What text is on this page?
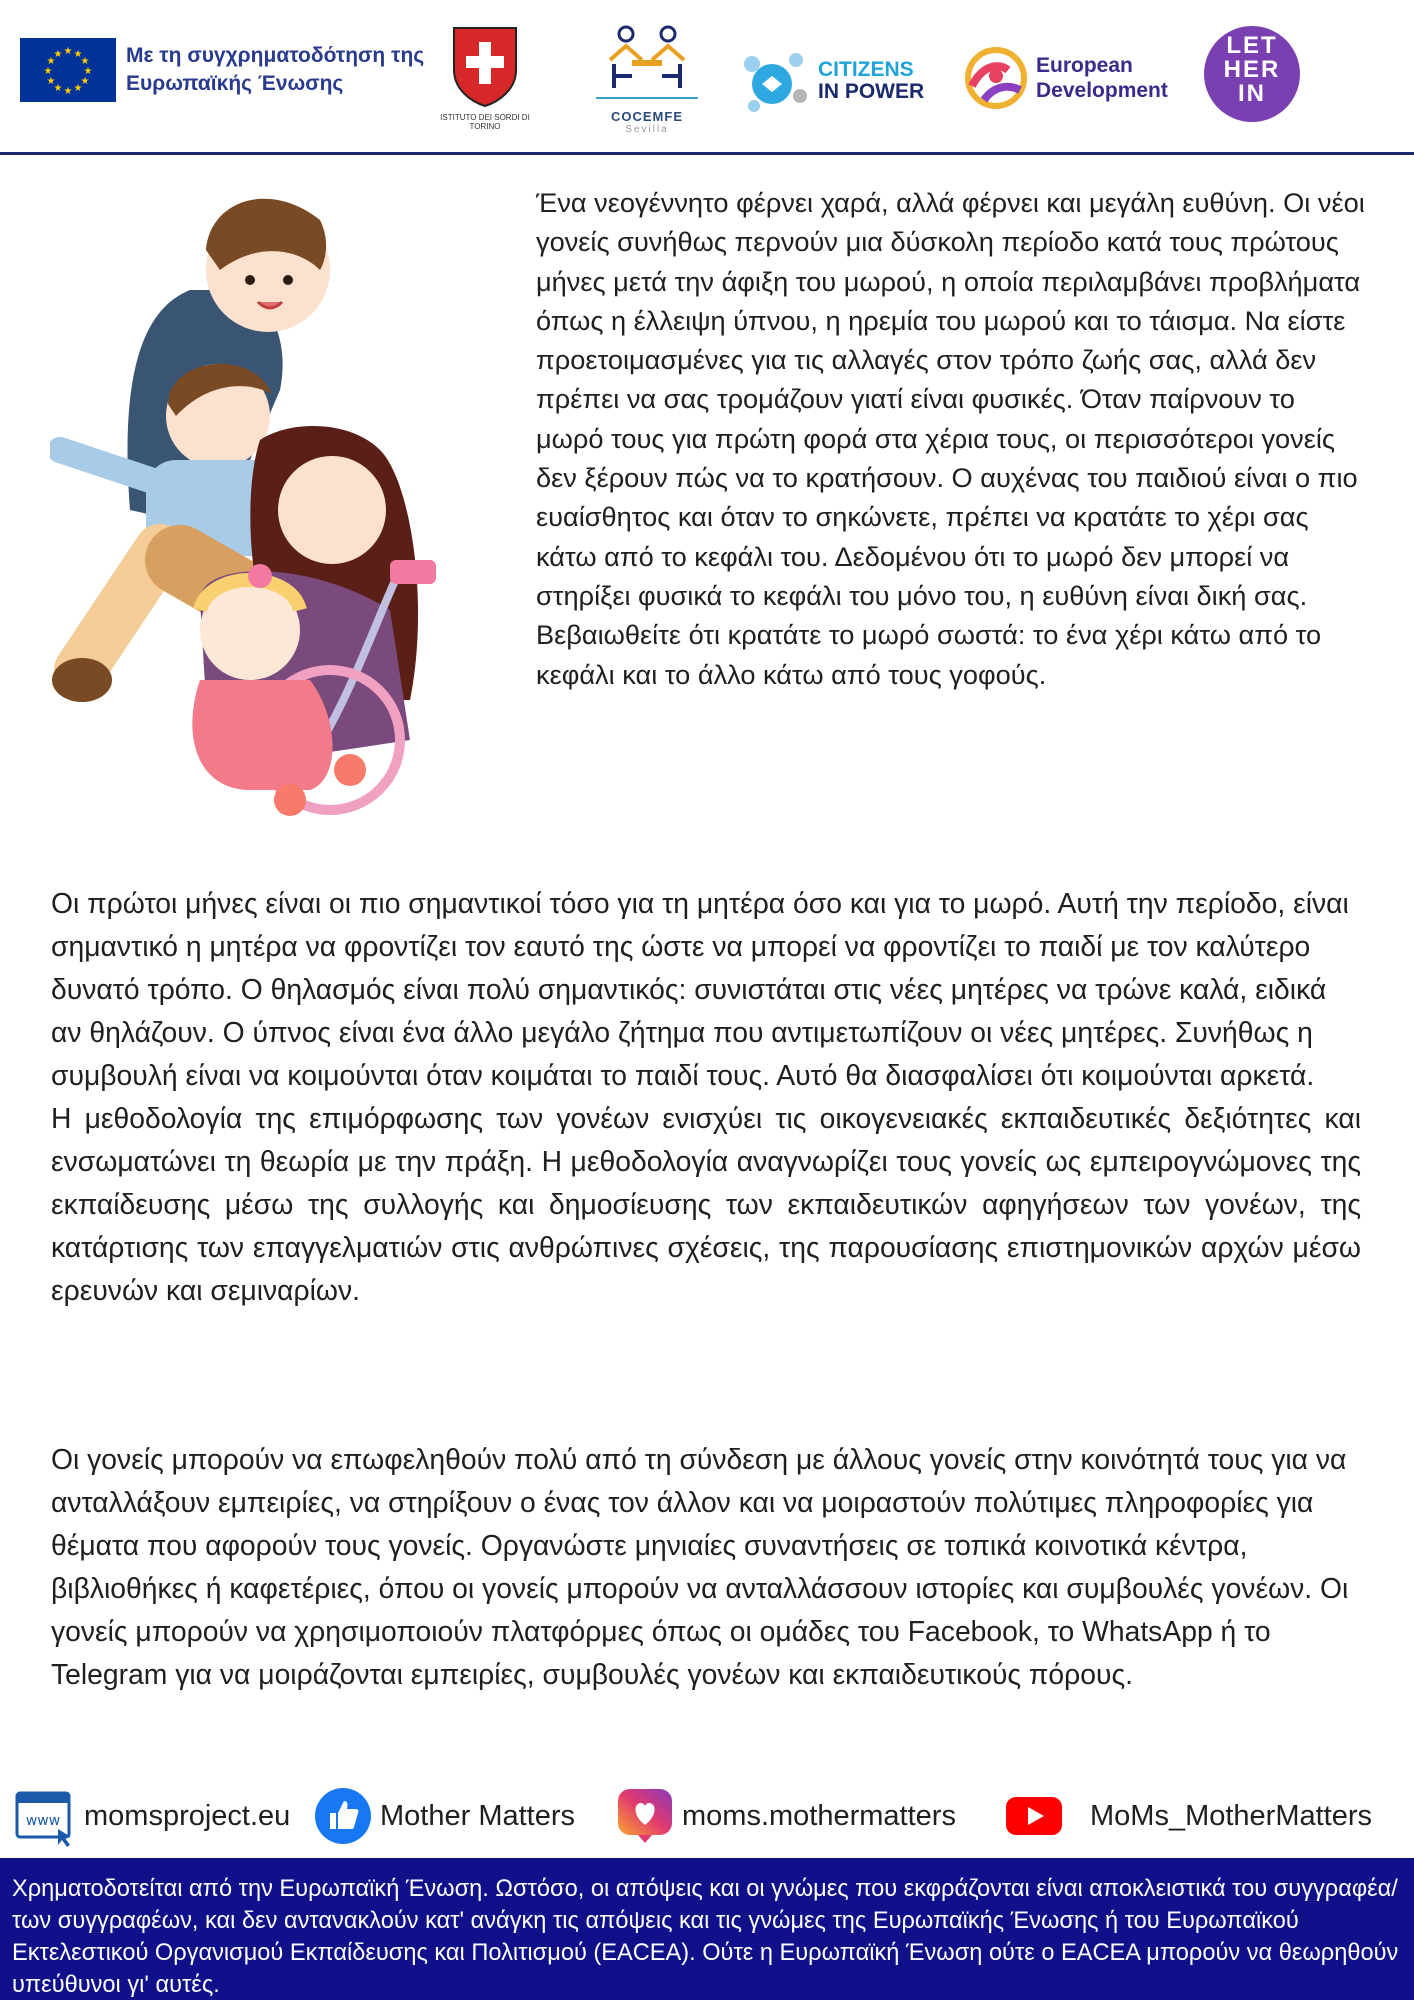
★ ★
★
★
★
★
★
★
★
★
★
★	Με τη συγχρηματοδότηση της Ευρωπαϊκής Ένωσης
ISTITUTO DEI SORDI DI TORINO
COCEMFE
Sevilla
CITIZENS
IN POWER
European
Development
LET
HER
IN

Ένα νεογέννητο φέρνει χαρά, αλλά φέρνει και μεγάλη ευθύνη. Οι νέοι γονείς συνήθως περνούν μια δύσκολη περίοδο κατά τους πρώτους μήνες μετά την άφιξη του μωρού, η οποία περιλαμβάνει προβλήματα όπως η έλλειψη ύπνου, η ηρεμία του μωρού και το τάισμα. Να είστε προετοιμασμένες για τις αλλαγές στον τρόπο ζωής σας, αλλά δεν πρέπει να σας τρομάζουν γιατί είναι φυσικές. Όταν παίρνουν το μωρό τους για πρώτη φορά στα χέρια τους, οι περισσότεροι γονείς δεν ξέρουν πώς να το κρατήσουν. Ο αυχένας του παιδιού είναι ο πιο ευαίσθητος και όταν το σηκώνετε, πρέπει να κρατάτε το χέρι σας κάτω από το κεφάλι του. Δεδομένου ότι το μωρό δεν μπορεί να στηρίξει φυσικά το κεφάλι του μόνο του, η ευθύνη είναι δική σας. Βεβαιωθείτε ότι κρατάτε το μωρό σωστά: το ένα χέρι κάτω από το κεφάλι και το άλλο κάτω από τους γοφούς.

Οι πρώτοι μήνες είναι οι πιο σημαντικοί τόσο για τη μητέρα όσο και για το μωρό. Αυτή την περίοδο, είναι σημαντικό η μητέρα να φροντίζει τον εαυτό της ώστε να μπορεί να φροντίζει το παιδί με τον καλύτερο δυνατό τρόπο. Ο θηλασμός είναι πολύ σημαντικός: συνιστάται στις νέες μητέρες να τρώνε καλά, ειδικά αν θηλάζουν. Ο ύπνος είναι ένα άλλο μεγάλο ζήτημα που αντιμετωπίζουν οι νέες μητέρες. Συνήθως η συμβουλή είναι να κοιμούνται όταν κοιμάται το παιδί τους. Αυτό θα διασφαλίσει ότι κοιμούνται αρκετά.
Η μεθοδολογία της επιμόρφωσης των γονέων ενισχύει τις οικογενειακές εκπαιδευτικές δεξιότητες και ενσωματώνει τη θεωρία με την πράξη. Η μεθοδολογία αναγνωρίζει τους γονείς ως εμπειρογνώμονες της εκπαίδευσης μέσω της συλλογής και δημοσίευσης των εκπαιδευτικών αφηγήσεων των γονέων, της κατάρτισης των επαγγελματιών στις ανθρώπινες σχέσεις, της παρουσίασης επιστημονικών αρχών μέσω ερευνών και σεμιναρίων.

Οι γονείς μπορούν να επωφεληθούν πολύ από τη σύνδεση με άλλους γονείς στην κοινότητά τους για να ανταλλάξουν εμπειρίες, να στηρίξουν ο ένας τον άλλον και να μοιραστούν πολύτιμες πληροφορίες για θέματα που αφορούν τους γονείς. Οργανώστε μηνιαίες συναντήσεις σε τοπικά κοινοτικά κέντρα, βιβλιοθήκες ή καφετέριες, όπου οι γονείς μπορούν να ανταλλάσσουν ιστορίες και συμβουλές γονέων. Οι γονείς μπορούν να χρησιμοποιούν πλατφόρμες όπως οι ομάδες του Facebook, το WhatsApp ή το Telegram για να μοιράζονται εμπειρίες, συμβουλές γονέων και εκπαιδευτικούς πόρους.

www momsproject.eu	Mother Matters	moms.mothermatters	MoMs_MotherMatters

Χρηματοδοτείται από την Ευρωπαϊκή Ένωση. Ωστόσο, οι απόψεις και οι γνώμες που εκφράζονται είναι αποκλειστικά του συγγραφέα/των συγγραφέων, και δεν αντανακλούν κατ' ανάγκη τις απόψεις και τις γνώμες της Ευρωπαϊκής Ένωσης ή του Ευρωπαϊκού Εκτελεστικού Οργανισμού Εκπαίδευσης και Πολιτισμού (EACEA). Ούτε η Ευρωπαϊκή Ένωση ούτε ο EACEA μπορούν να θεωρηθούν υπεύθυνοι γι' αυτές.
